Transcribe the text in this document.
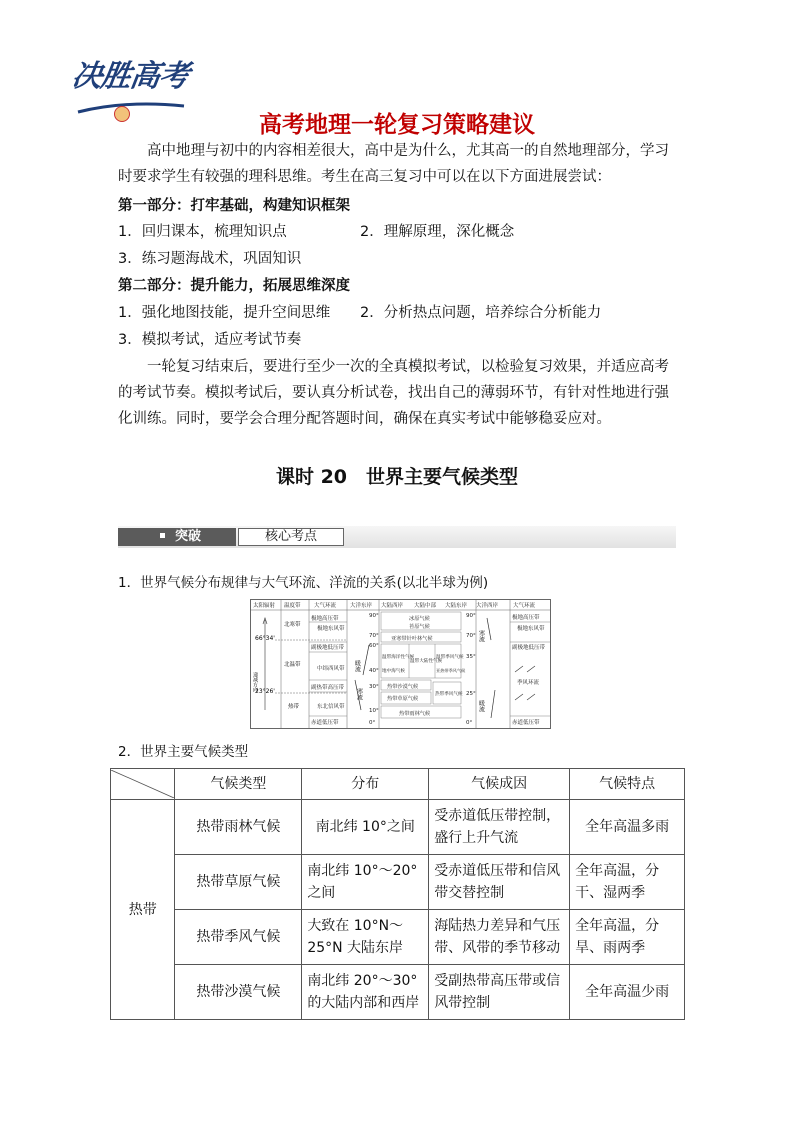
决胜高考
高考地理一轮复习策略建议
高中地理与初中的内容相差很大，高中是为什么，尤其高一的自然地理部分，学习时要求学生有较强的理科思维。考生在高三复习中可以在以下方面进展尝试：
第一部分：打牢基础，构建知识框架
1．回归课本，梳理知识点	2．理解原理，深化概念
3．练习题海战术，巩固知识
第二部分：提升能力，拓展思维深度
1．强化地图技能，提升空间思维 2．分析热点问题，培养综合分析能力
3．模拟考试，适应考试节奏
一轮复习结束后，要进行至少一次的全真模拟考试，以检验复习效果，并适应高考的考试节奏。模拟考试后，要认真分析试卷，找出自己的薄弱环节，有针对性地进行强化训练。同时，要学会合理分配答题时间，确保在真实考试中能够稳妥应对。
课时 20　世界主要气候类型
突破	核心考点
1．世界气候分布规律与大气环流、洋流的关系(以北半球为例)
太阳辐射 温度带 大气环流	大洋东岸 大陆西岸 大陆中部 大陆东岸 大洋西岸	大气环流
66°34'
23°26'
递减方向
北寒带
北温带
热带
极地高压带
极地东风带
副极地低压带
中纬西风带
副热带高压带
东北信风带
赤道低压带
暖流
寒流
90°
70°
60°
40°
30°
10°
0°
90°
70°
35°
25°
0°
冰原气候
苔原气候
亚寒带针叶林气候
温带海洋性气候
地中海气候
温带大陆性气候
温带季风气候
亚热带季风气候
热带沙漠气候
热带草原气候
热带季风气候
热带雨林气候
寒流
暖流
极地高压带
极地东风带
副极地低压带
季风环流
赤道低压带
2．世界主要气候类型
	气候类型	分布	气候成因	气候特点
热带	热带雨林气候	南北纬 10°之间	受赤道低压带控制，盛行上升气流	全年高温多雨
	热带草原气候	南北纬 10°～20°之间	受赤道低压带和信风带交替控制	全年高温，分干、湿两季
	热带季风气候	大致在 10°N～25°N 大陆东岸	海陆热力差异和气压带、风带的季节移动	全年高温，分旱、雨两季
	热带沙漠气候	南北纬 20°～30°的大陆内部和西岸	受副热带高压带或信风带控制	全年高温少雨
